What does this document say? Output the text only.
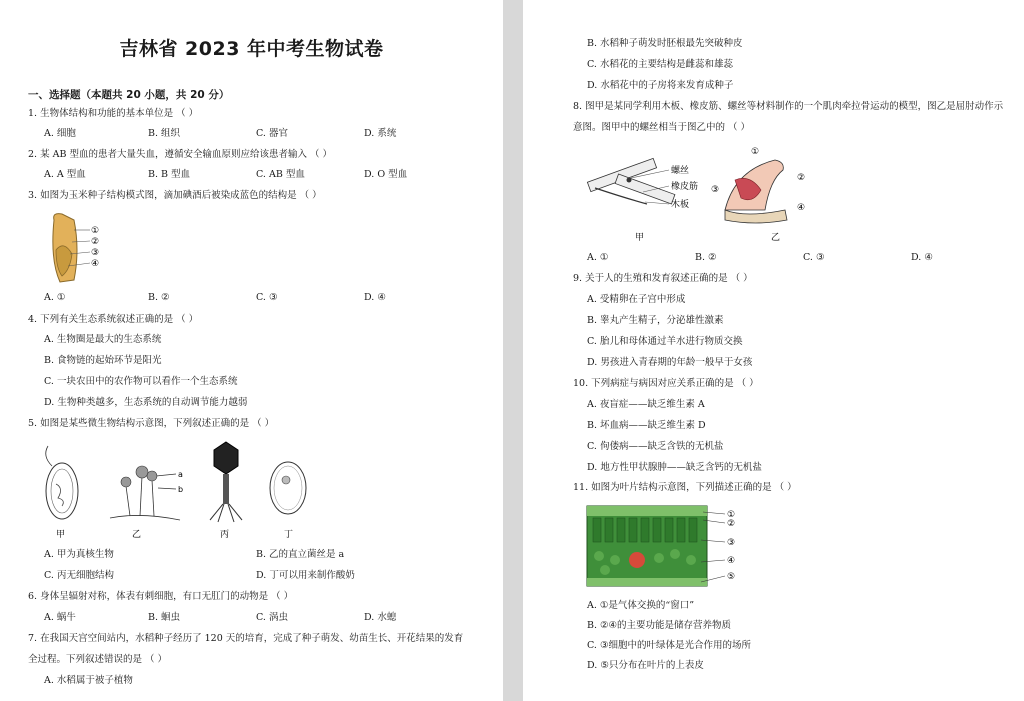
吉林省 2023 年中考生物试卷
一、选择题（本题共 20 小题，共 20 分）
1. 生物体结构和功能的基本单位是 （ ）
A. 细胞	B. 组织	C. 器官	D. 系统
2. 某 AB 型血的患者大量失血，遵循安全输血原则应给该患者输入 （ ）
A. A 型血	B. B 型血	C. AB 型血	D. O 型血
3. 如图为玉米种子结构模式图，滴加碘酒后被染成蓝色的结构是 （ ）
①
②
③
④
A. ①	B. ②	C. ③	D. ④
4. 下列有关生态系统叙述正确的是 （ ）
A. 生物圈是最大的生态系统
B. 食物链的起始环节是阳光
C. 一块农田中的农作物可以看作一个生态系统
D. 生物种类越多，生态系统的自动调节能力越弱
5. 如图是某些微生物结构示意图，下列叙述正确的是 （ ）
a
b
甲	乙	丙	丁
A. 甲为真核生物	B. 乙的直立菌丝是 a
C. 丙无细胞结构	D. 丁可以用来制作酸奶
6. 身体呈辐射对称，体表有刺细胞，有口无肛门的动物是 （ ）
A. 蜗牛	B. 蛔虫	C. 涡虫	D. 水螅
7. 在我国天宫空间站内，水稻种子经历了 120 天的培育，完成了种子萌发、幼苗生长、开花结果的发育
全过程。下列叙述错误的是 （ ）
A. 水稻属于被子植物
B. 水稻种子萌发时胚根最先突破种皮
C. 水稻花的主要结构是雌蕊和雄蕊
D. 水稻花中的子房将来发育成种子
8. 图甲是某同学利用木板、橡皮筋、螺丝等材料制作的一个肌肉牵拉骨运动的模型，图乙是屈肘动作示
意图。图甲中的螺丝相当于图乙中的 （ ）
螺丝
橡皮筋
木板
甲
①
②
③
④
乙
A. ①	B. ②	C. ③	D. ④
9. 关于人的生殖和发育叙述正确的是 （ ）
A. 受精卵在子宫中形成
B. 睾丸产生精子，分泌雄性激素
C. 胎儿和母体通过羊水进行物质交换
D. 男孩进入青春期的年龄一般早于女孩
10. 下列病症与病因对应关系正确的是 （ ）
A. 夜盲症——缺乏维生素 A
B. 坏血病——缺乏维生素 D
C. 佝偻病——缺乏含铁的无机盐
D. 地方性甲状腺肿——缺乏含钙的无机盐
11. 如图为叶片结构示意图，下列描述正确的是 （ ）
①
②
③
④
⑤
A. ①是气体交换的“窗口”
B. ②④的主要功能是储存营养物质
C. ③细胞中的叶绿体是光合作用的场所
D. ⑤只分布在叶片的上表皮
